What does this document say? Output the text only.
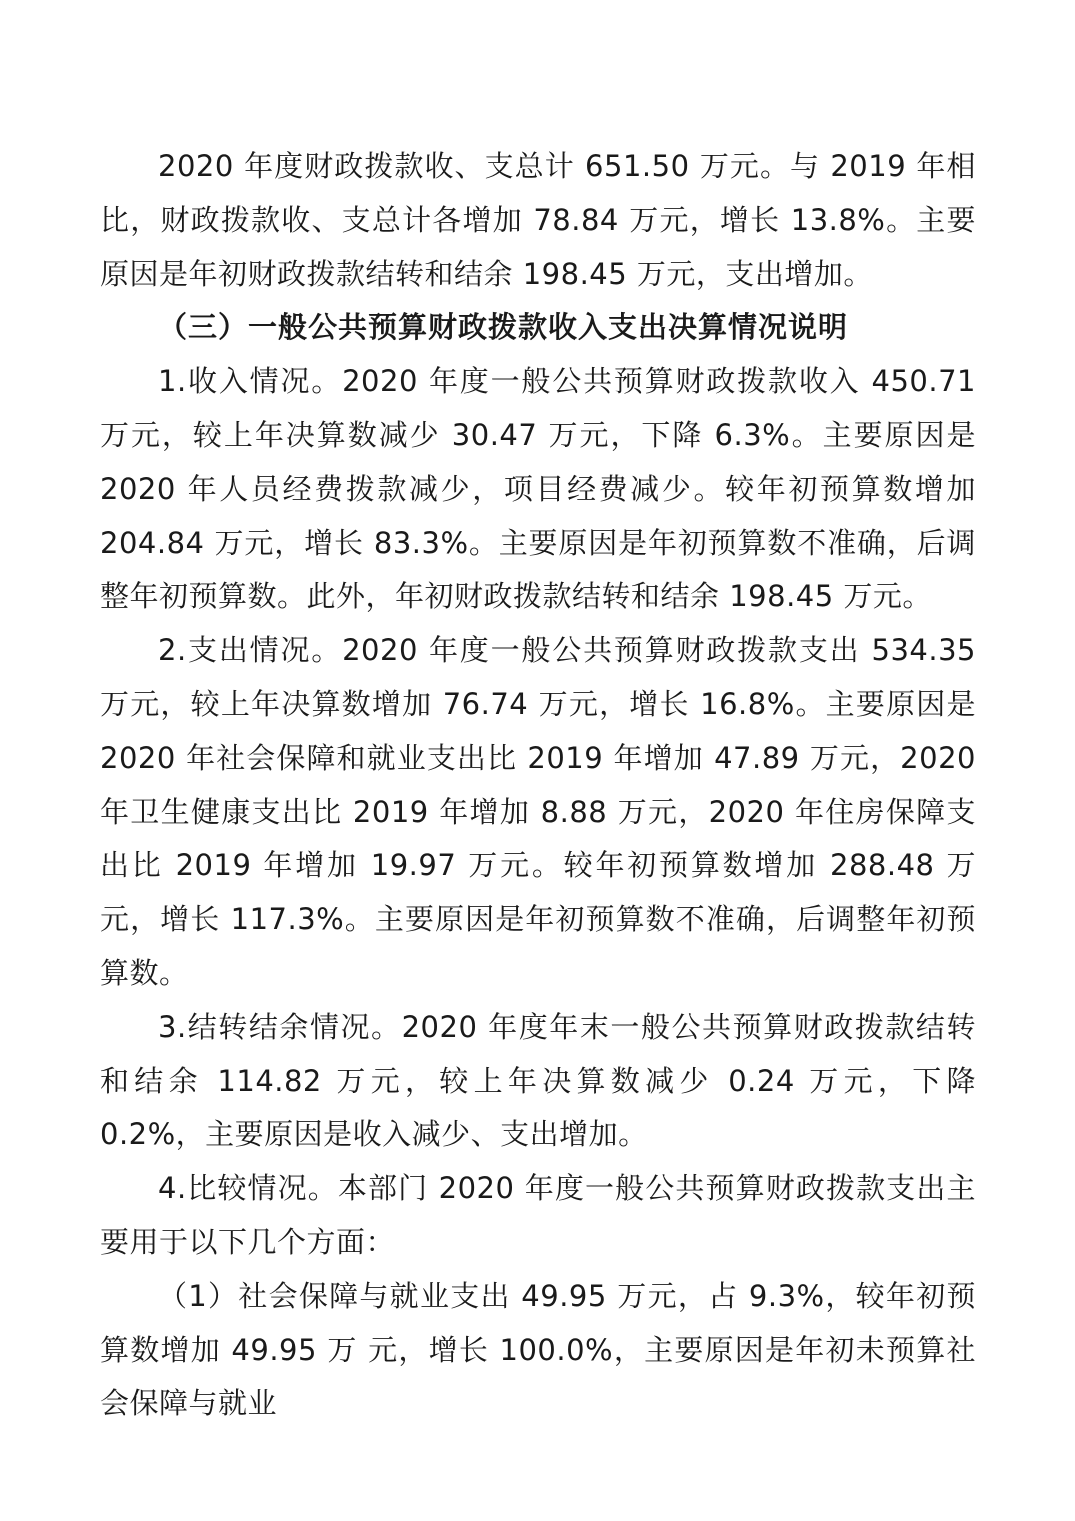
2020 年度财政拨款收、支总计 651.50 万元。与 2019 年相比，财政拨款收、支总计各增加 78.84 万元，增长 13.8%。主要原因是年初财政拨款结转和结余 198.45 万元，支出增加。

（三）一般公共预算财政拨款收入支出决算情况说明

1.收入情况。2020 年度一般公共预算财政拨款收入 450.71 万元，较上年决算数减少 30.47 万元，下降 6.3%。主要原因是 2020 年人员经费拨款减少，项目经费减少。较年初预算数增加 204.84 万元，增长 83.3%。主要原因是年初预算数不准确，后调整年初预算数。此外，年初财政拨款结转和结余 198.45 万元。

2.支出情况。2020 年度一般公共预算财政拨款支出 534.35 万元，较上年决算数增加 76.74 万元，增长 16.8%。主要原因是 2020 年社会保障和就业支出比 2019 年增加 47.89 万元，2020 年卫生健康支出比 2019 年增加 8.88 万元，2020 年住房保障支出比 2019 年增加 19.97 万元。较年初预算数增加 288.48 万元，增长 117.3%。主要原因是年初预算数不准确，后调整年初预算数。

3.结转结余情况。2020 年度年末一般公共预算财政拨款结转和结余 114.82 万元，较上年决算数减少 0.24 万元，下降 0.2%，主要原因是收入减少、支出增加。

4.比较情况。本部门 2020 年度一般公共预算财政拨款支出主要用于以下几个方面：

（1）社会保障与就业支出 49.95 万元，占 9.3%，较年初预算数增加 49.95 万 元，增长 100.0%，主要原因是年初未预算社会保障与就业
